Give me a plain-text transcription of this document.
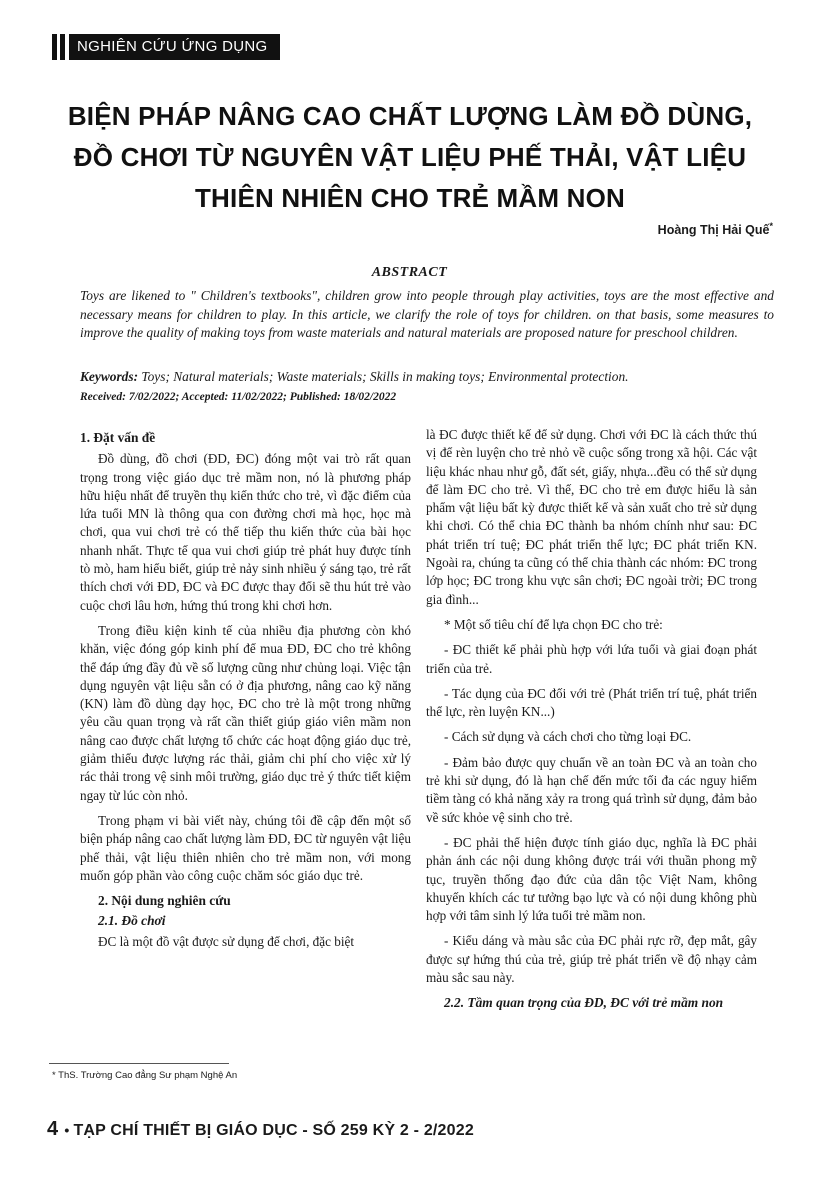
NGHIÊN CỨU ỨNG DỤNG
BIỆN PHÁP NÂNG CAO CHẤT LƯỢNG LÀM ĐỒ DÙNG,
ĐỒ CHƠI TỪ NGUYÊN VẬT LIỆU PHẾ THẢI, VẬT LIỆU
THIÊN NHIÊN CHO TRẺ MẦM NON
Hoàng Thị Hải Quế*
ABSTRACT
Toys are likened to " Children's textbooks", children grow into people through play activities, toys are the most effective and necessary means for children to play. In this article, we clarify the role of toys for children. on that basis, some measures to improve the quality of making toys from waste materials and natural materials are proposed nature for preschool children.
Keywords: Toys; Natural materials; Waste materials; Skills in making toys; Environmental protection.
Received: 7/02/2022; Accepted: 11/02/2022; Published: 18/02/2022
1. Đặt vấn đề

Đồ dùng, đồ chơi (ĐD, ĐC) đóng một vai trò rất quan trọng trong việc giáo dục trẻ mầm non, nó là phương pháp hữu hiệu nhất để truyền thụ kiến thức cho trẻ, vì đặc điểm của lứa tuổi MN là thông qua con đường chơi mà học, học mà chơi, qua vui chơi trẻ có thể tiếp thu kiến thức của bài học nhanh nhất. Thực tế qua vui chơi giúp trẻ phát huy được tính tò mò, ham hiểu biết, giúp trẻ nảy sinh nhiều ý sáng tạo, trẻ rất thích chơi với ĐD, ĐC và ĐC được thay đổi sẽ thu hút trẻ vào cuộc chơi lâu hơn, hứng thú trong khi chơi hơn.

Trong điều kiện kinh tế của nhiều địa phương còn khó khăn, việc đóng góp kinh phí để mua ĐD, ĐC cho trẻ không thể đáp ứng đầy đủ về số lượng cũng như chủng loại. Việc tận dụng nguyên vật liệu sẵn có ở địa phương, nâng cao kỹ năng (KN) làm đồ dùng dạy học, ĐC cho trẻ là một trong những yêu cầu quan trọng và rất cần thiết giúp giáo viên mầm non nâng cao được chất lượng tổ chức các hoạt động giáo dục trẻ, giảm thiểu được lượng rác thải, giảm chi phí cho việc xử lý rác thải trong vệ sinh môi trường, giáo dục trẻ ý thức tiết kiệm ngay từ lúc còn nhỏ.

Trong phạm vi bài viết này, chúng tôi đề cập đến một số biện pháp nâng cao chất lượng làm ĐD, ĐC từ nguyên vật liệu phế thải, vật liệu thiên nhiên cho trẻ mầm non, với mong muốn góp phần vào công cuộc chăm sóc giáo dục trẻ.

2. Nội dung nghiên cứu
2.1. Đồ chơi

ĐC là một đồ vật được sử dụng để chơi, đặc biệt

là ĐC được thiết kế để sử dụng. Chơi với ĐC là cách thức thú vị để rèn luyện cho trẻ nhỏ về cuộc sống trong xã hội. Các vật liệu khác nhau như gỗ, đất sét, giấy, nhựa...đều có thể sử dụng để làm ĐC cho trẻ. Vì thế, ĐC cho trẻ em được hiểu là sản phẩm vật liệu bất kỳ được thiết kế và sản xuất cho trẻ sử dụng khi chơi. Có thể chia ĐC thành ba nhóm chính như sau: ĐC phát triển trí tuệ; ĐC phát triển thể lực; ĐC phát triển KN. Ngoài ra, chúng ta cũng có thể chia thành các nhóm: ĐC trong lớp học; ĐC trong khu vực sân chơi; ĐC ngoài trời; ĐC trong gia đình...

* Một số tiêu chí để lựa chọn ĐC cho trẻ:

- ĐC thiết kế phải phù hợp với lứa tuổi và giai đoạn phát triển của trẻ.

- Tác dụng của ĐC đối với trẻ (Phát triển trí tuệ, phát triển thể lực, rèn luyện KN...)

- Cách sử dụng và cách chơi cho từng loại ĐC.

- Đảm bảo được quy chuẩn về an toàn ĐC và an toàn cho trẻ khi sử dụng, đó là hạn chế đến mức tối đa các nguy hiểm tiềm tàng có khả năng xảy ra trong quá trình sử dụng, đảm bảo về sức khỏe vệ sinh cho trẻ.

- ĐC phải thể hiện được tính giáo dục, nghĩa là ĐC phải phản ánh các nội dung không được trái với thuần phong mỹ tục, truyền thống đạo đức của dân tộc Việt Nam, không khuyến khích các tư tưởng bạo lực và có nội dung không phù hợp với tâm sinh lý lứa tuổi trẻ mầm non.

- Kiểu dáng và màu sắc của ĐC phải rực rỡ, đẹp mắt, gây được sự hứng thú của trẻ, giúp trẻ phát triển về độ nhạy cảm màu sắc sau này.

2.2. Tầm quan trọng của ĐD, ĐC với trẻ mầm non
* ThS. Trường Cao đẳng Sư phạm Nghệ An
4 • TẠP CHÍ THIẾT BỊ GIÁO DỤC - SỐ 259 KỲ 2 - 2/2022
